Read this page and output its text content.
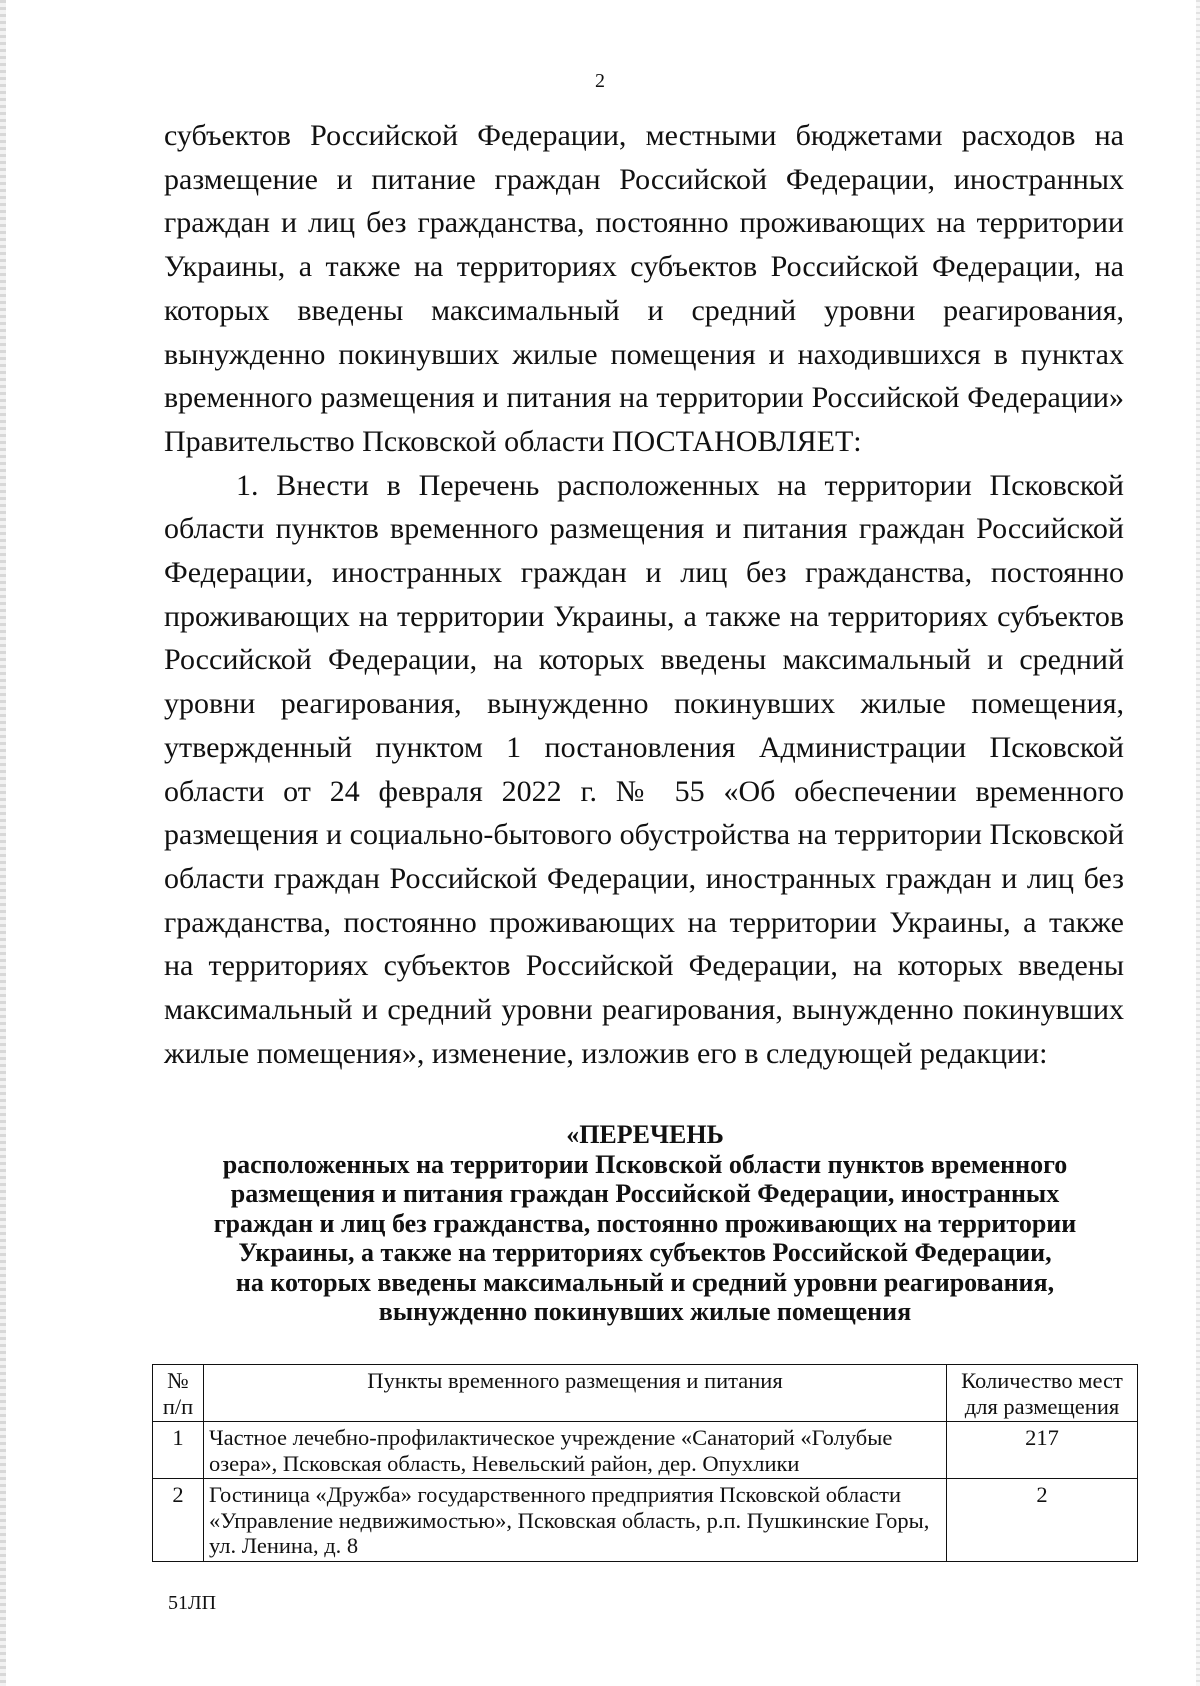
2

субъектов Российской Федерации, местными бюджетами расходов на размещение и питание граждан Российской Федерации, иностранных граждан и лиц без гражданства, постоянно проживающих на территории Украины, а также на территориях субъектов Российской Федерации, на которых введены максимальный и средний уровни реагирования, вынужденно покинувших жилые помещения и находившихся в пунктах временного размещения и питания на территории Российской Федерации» Правительство Псковской области ПОСТАНОВЛЯЕТ:

1. Внести в Перечень расположенных на территории Псковской области пунктов временного размещения и питания граждан Российской Федерации, иностранных граждан и лиц без гражданства, постоянно проживающих на территории Украины, а также на территориях субъектов Российской Федерации, на которых введены максимальный и средний уровни реагирования, вынужденно покинувших жилые помещения, утвержденный пунктом 1 постановления Администрации Псковской области от 24 февраля 2022 г. № 55 «Об обеспечении временного размещения и социально-бытового обустройства на территории Псковской области граждан Российской Федерации, иностранных граждан и лиц без гражданства, постоянно проживающих на территории Украины, а также на территориях субъектов Российской Федерации, на которых введены максимальный и средний уровни реагирования, вынужденно покинувших жилые помещения», изменение, изложив его в следующей редакции:

«ПЕРЕЧЕНЬ
расположенных на территории Псковской области пунктов временного
размещения и питания граждан Российской Федерации, иностранных
граждан и лиц без гражданства, постоянно проживающих на территории
Украины, а также на территориях субъектов Российской Федерации,
на которых введены максимальный и средний уровни реагирования,
вынужденно покинувших жилые помещения
№ п/п	Пункты временного размещения и питания	Количество мест для размещения
1	Частное лечебно-профилактическое учреждение «Санаторий «Голубые озера», Псковская область, Невельский район, дер. Опухлики	217
2	Гостиница «Дружба» государственного предприятия Псковской области «Управление недвижимостью», Псковская область, р.п. Пушкинские Горы, ул. Ленина, д. 8	2
51ЛП
